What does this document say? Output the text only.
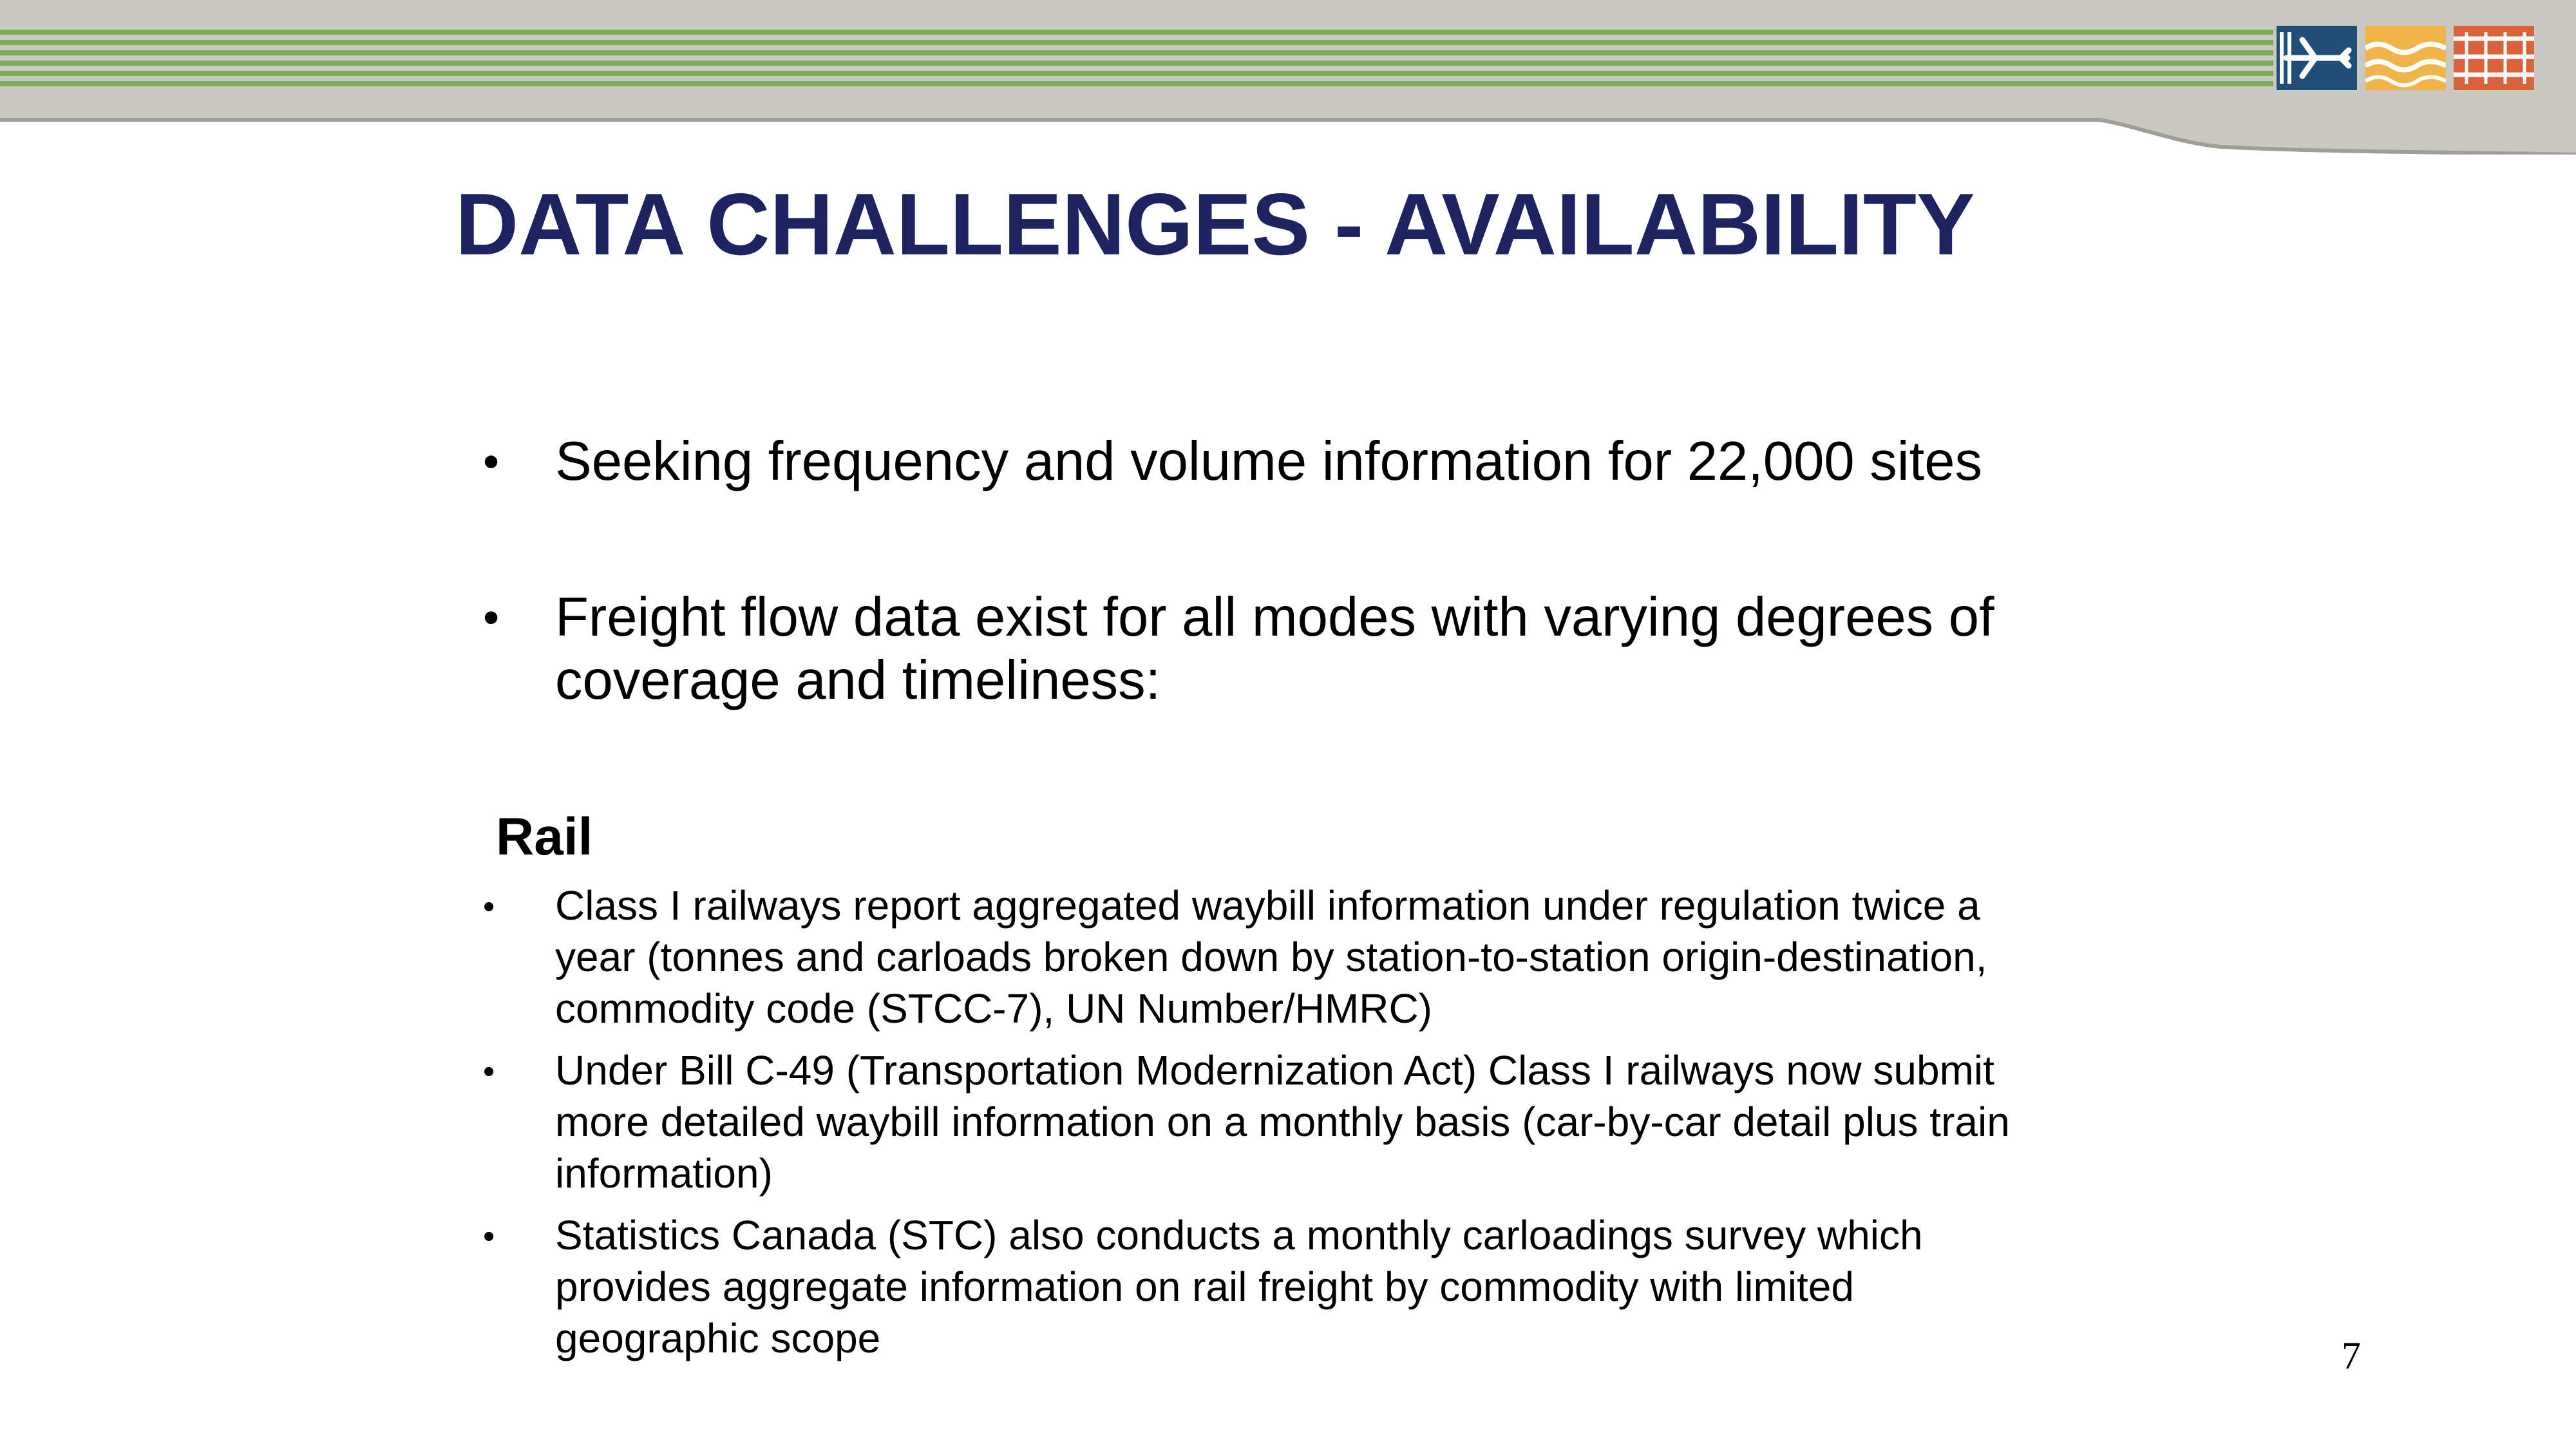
DATA CHALLENGES - AVAILABILITY
• Seeking frequency and volume information for 22,000 sites
• Freight flow data exist for all modes with varying degrees of
coverage and timeliness:
Rail
• Class I railways report aggregated waybill information under regulation twice a
year (tonnes and carloads broken down by station-to-station origin-destination,
commodity code (STCC-7), UN Number/HMRC)
• Under Bill C-49 (Transportation Modernization Act) Class I railways now submit
more detailed waybill information on a monthly basis (car-by-car detail plus train
information)
• Statistics Canada (STC) also conducts a monthly carloadings survey which
provides aggregate information on rail freight by commodity with limited
geographic scope	7
